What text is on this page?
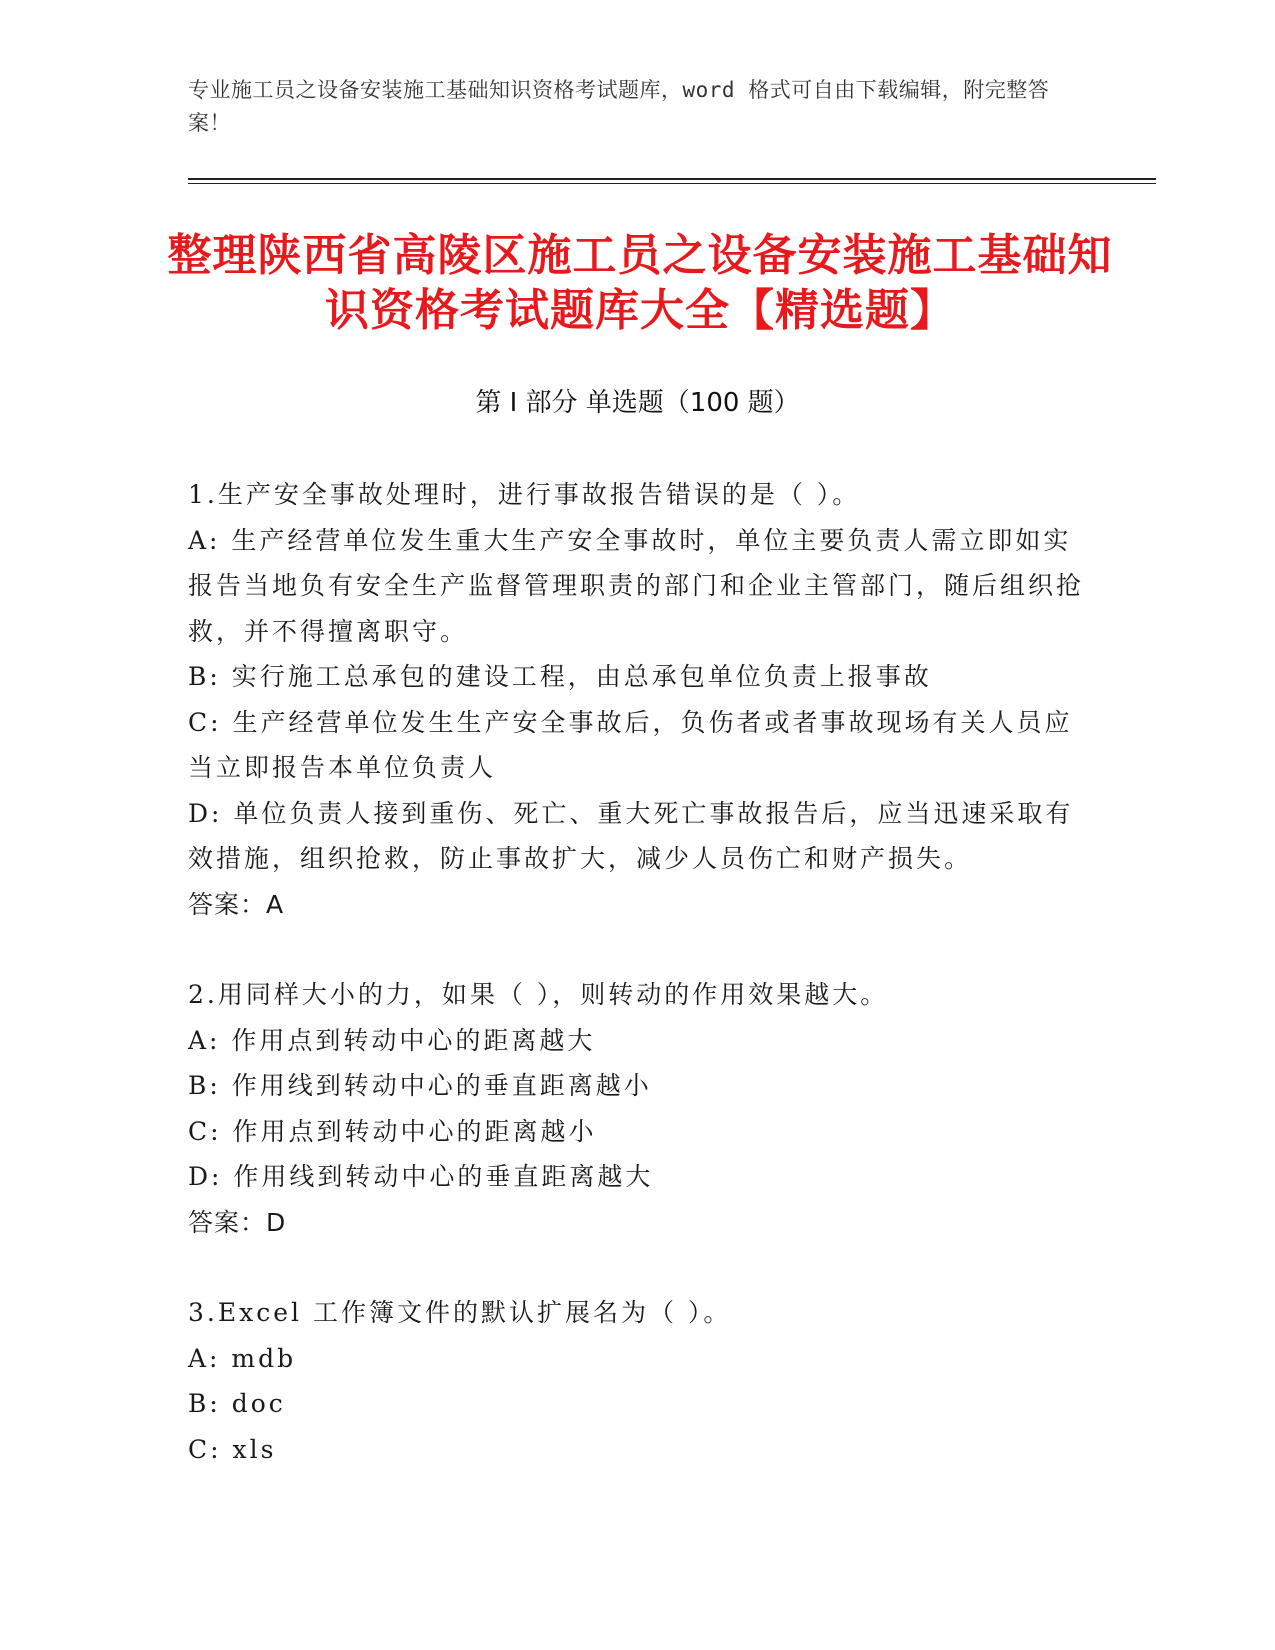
专业施工员之设备安装施工基础知识资格考试题库，word 格式可自由下载编辑，附完整答案！
整理陕西省高陵区施工员之设备安装施工基础知识资格考试题库大全【精选题】
第 I 部分 单选题（100 题）

1.生产安全事故处理时，进行事故报告错误的是（ ）。

A: 生产经营单位发生重大生产安全事故时，单位主要负责人需立即如实报告当地负有安全生产监督管理职责的部门和企业主管部门，随后组织抢救，并不得擅离职守。

B: 实行施工总承包的建设工程，由总承包单位负责上报事故

C: 生产经营单位发生生产安全事故后，负伤者或者事故现场有关人员应当立即报告本单位负责人

D: 单位负责人接到重伤、死亡、重大死亡事故报告后，应当迅速采取有效措施，组织抢救，防止事故扩大，减少人员伤亡和财产损失。

答案：A

2.用同样大小的力，如果（ ），则转动的作用效果越大。

A: 作用点到转动中心的距离越大

B: 作用线到转动中心的垂直距离越小

C: 作用点到转动中心的距离越小

D: 作用线到转动中心的垂直距离越大

答案：D

3.Excel 工作簿文件的默认扩展名为（ ）。

A: mdb

B: doc

C: xls
